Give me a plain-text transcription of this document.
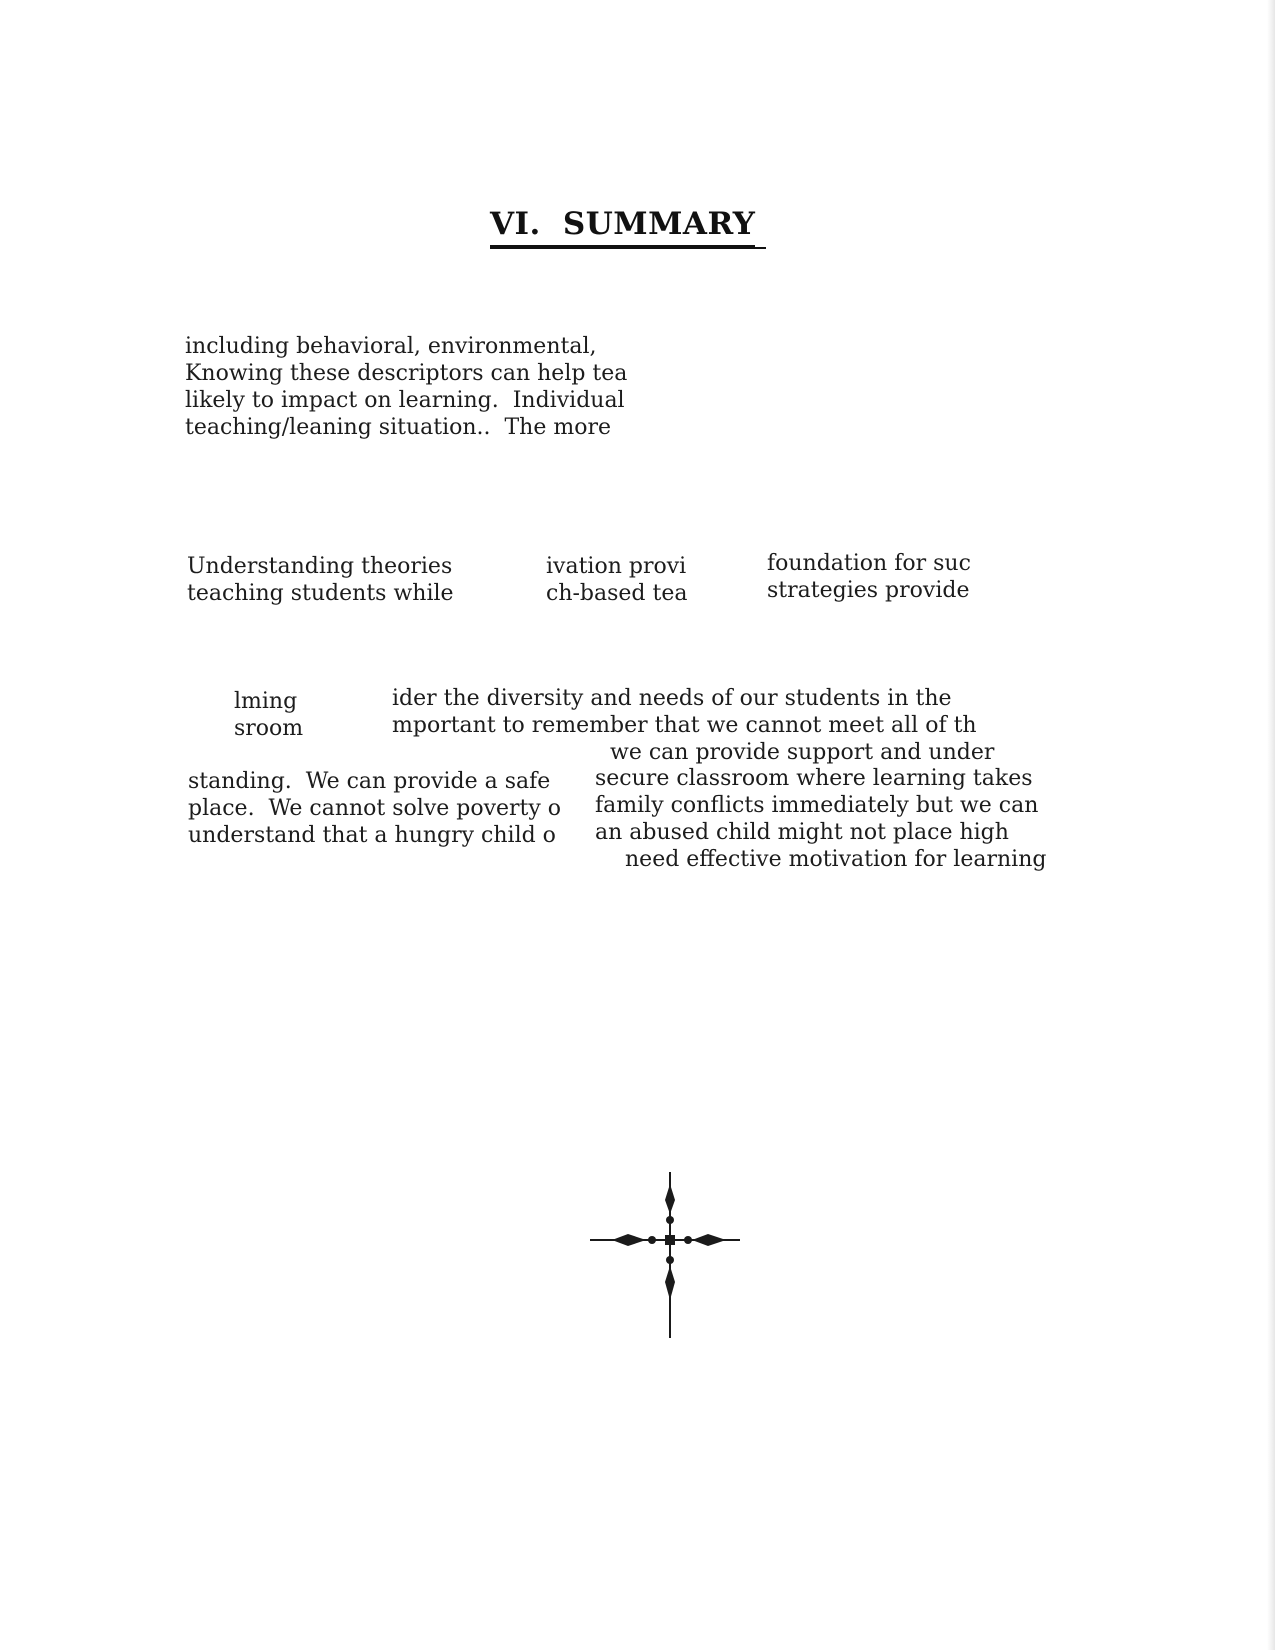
VI. SUMMARY
including behavioral, environmental,
Knowing these descriptors can help tea
likely to impact on learning.  Individual
teaching/leaning situation..  The more
Understanding theories
teaching students while
ivation provi
ch-based tea
foundation for suc
strategies provide
lming
sroom
ider the diversity and needs of our students in the
mportant to remember that we cannot meet all of th
we can provide support and under
standing.  We can provide a safe
place.  We cannot solve poverty o
understand that a hungry child o
secure classroom where learning takes
family conflicts immediately but we can
an abused child might not place high
need effective motivation for learning
